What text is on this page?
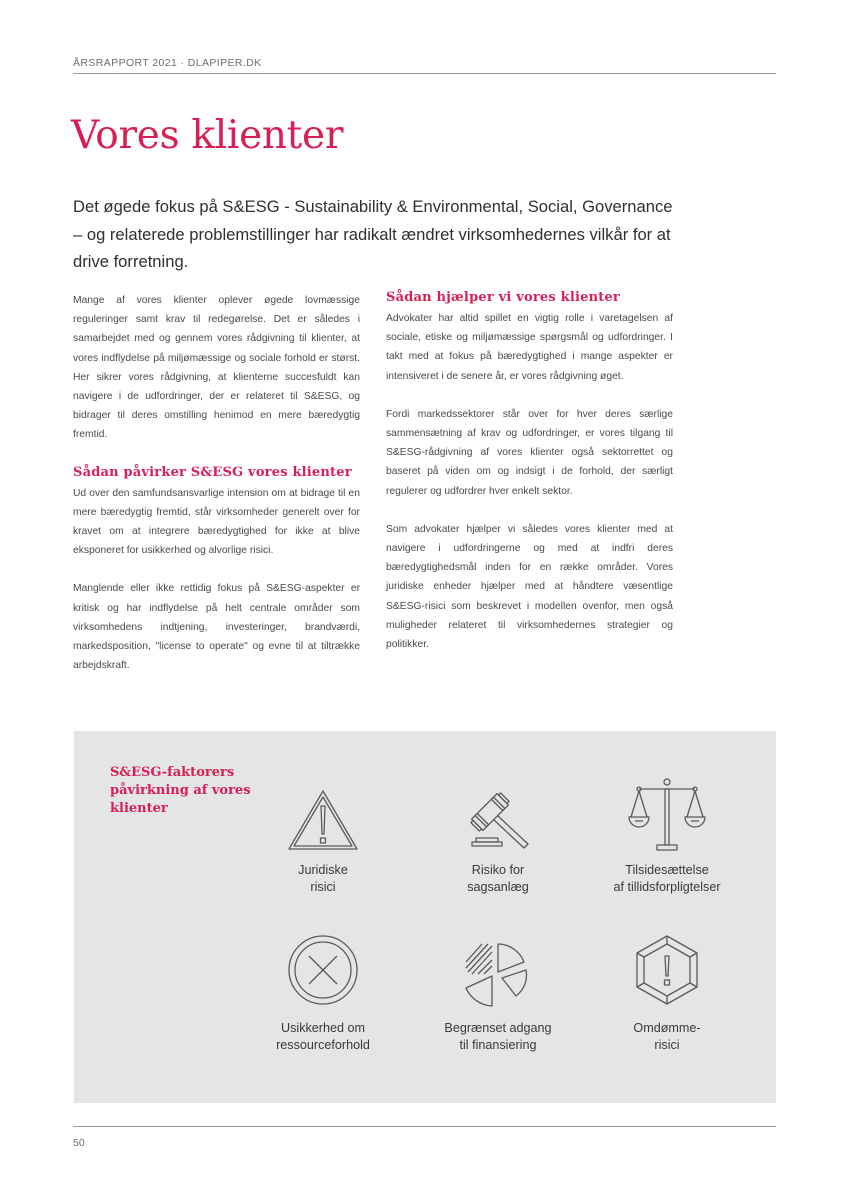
ÅRSRAPPORT 2021 · DLAPIPER.DK
Vores klienter

Det øgede fokus på S&ESG - Sustainability & Environmental, Social, Governance – og relaterede problemstillinger har radikalt ændret virksomhedernes vilkår for at drive forretning.

Mange af vores klienter oplever øgede lovmæssige reguleringer samt krav til redegørelse. Det er således i samarbejdet med og gennem vores rådgivning til klienter, at vores indflydelse på miljømæssige og sociale forhold er størst. Her sikrer vores rådgivning, at klienterne succesfuldt kan navigere i de udfordringer, der er relateret til S&ESG, og bidrager til deres omstilling henimod en mere bæredygtig fremtid.

Sådan påvirker S&ESG vores klienter

Ud over den samfundsansvarlige intension om at bidrage til en mere bæredygtig fremtid, står virksomheder generelt over for kravet om at integrere bæredygtighed for ikke at blive eksponeret for usikkerhed og alvorlige risici.

Manglende eller ikke rettidig fokus på S&ESG-aspekter er kritisk og har indflydelse på helt centrale områder som virksomhedens indtjening, investeringer, brandværdi, markedsposition, "license to operate" og evne til at tiltrække arbejdskraft.

Sådan hjælper vi vores klienter

Advokater har altid spillet en vigtig rolle i varetagelsen af sociale, etiske og miljømæssige spørgsmål og udfordringer. I takt med at fokus på bæredygtighed i mange aspekter er intensiveret i de senere år, er vores rådgivning øget.

Fordi markedssektorer står over for hver deres særlige sammensætning af krav og udfordringer, er vores tilgang til S&ESG-rådgivning af vores klienter også sektorrettet og baseret på viden om og indsigt i de forhold, der særligt regulerer og udfordrer hver enkelt sektor.

Som advokater hjælper vi således vores klienter med at navigere i udfordringerne og med at indfri deres bæredygtighedsmål inden for en række områder. Vores juridiske enheder hjælper med at håndtere væsentlige S&ESG-risici som beskrevet i modellen ovenfor, men også muligheder relateret til virksomhedernes strategier og politikker.

S&ESG-faktorers påvirkning af vores klienter
Juridiske
risici
Risiko for
sagsanlæg
Tilsidesættelse
af tillidsforpligtelser
Usikkerhed om
ressourceforhold
Begrænset adgang
til finansiering
Omdømme-
risici
50
